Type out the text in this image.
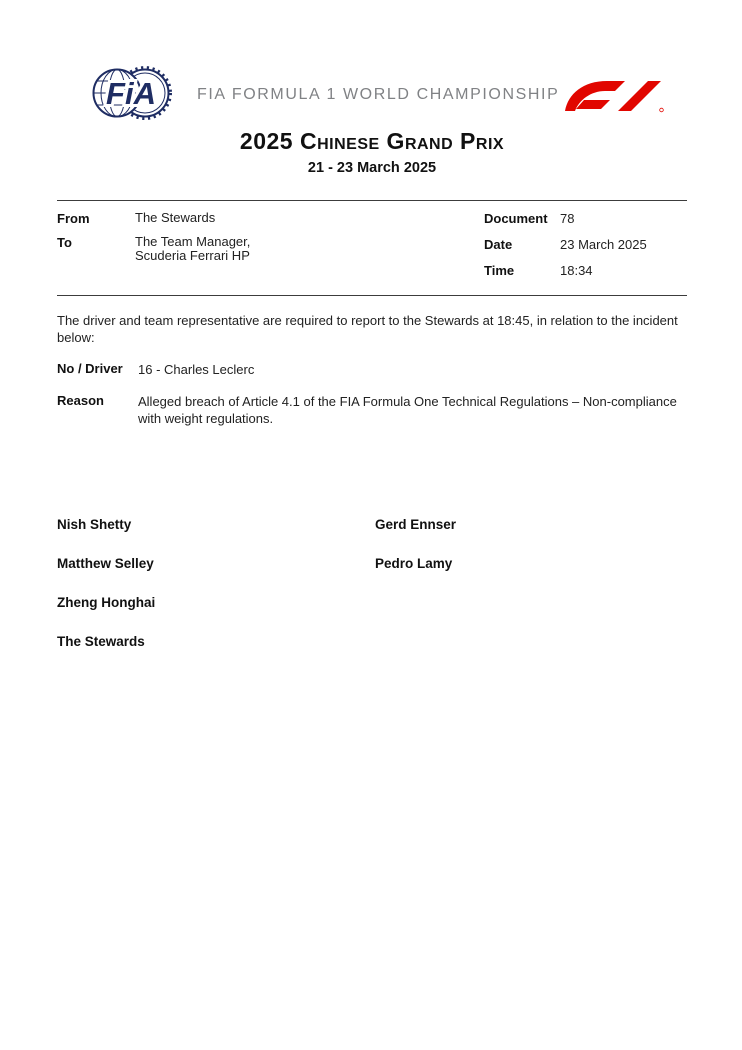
FiA	FIA FORMULA 1 WORLD CHAMPIONSHIP
2025 Chinese Grand Prix
21 - 23 March 2025
From	The Stewards
To	The Team Manager,
Scuderia Ferrari HP
Document 78
Date	23 March 2025
Time	18:34
The driver and team representative are required to report to the Stewards at 18:45, in relation to the incident below:
No / Driver 16 - Charles Leclerc
Reason	Alleged breach of Article 4.1 of the FIA Formula One Technical Regulations – Non-compliance with weight regulations.
Nish Shetty	Gerd Ennser
Matthew Selley	Pedro Lamy
Zheng Honghai
The Stewards
